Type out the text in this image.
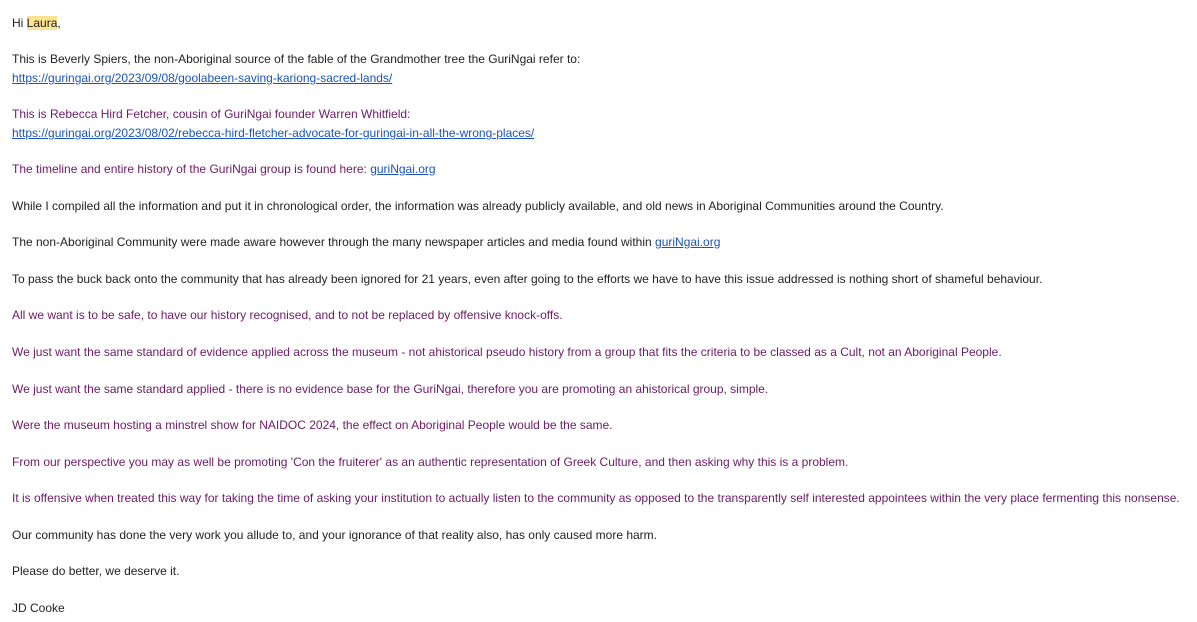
Hi Laura,
This is Beverly Spiers, the non-Aboriginal source of the fable of the Grandmother tree the GuriNgai refer to:
https://guringai.org/2023/09/08/goolabeen-saving-kariong-sacred-lands/
This is Rebecca Hird Fetcher, cousin of GuriNgai founder Warren Whitfield:
https://guringai.org/2023/08/02/rebecca-hird-fletcher-advocate-for-guringai-in-all-the-wrong-places/
The timeline and entire history of the GuriNgai group is found here: guriNgai.org
While I compiled all the information and put it in chronological order, the information was already publicly available, and old news in Aboriginal Communities around the Country.
The non-Aboriginal Community were made aware however through the many newspaper articles and media found within guriNgai.org
To pass the buck back onto the community that has already been ignored for 21 years, even after going to the efforts we have to have this issue addressed is nothing short of shameful behaviour.
All we want is to be safe, to have our history recognised, and to not be replaced by offensive knock-offs.
We just want the same standard of evidence applied across the museum - not ahistorical pseudo history from a group that fits the criteria to be classed as a Cult, not an Aboriginal People.
We just want the same standard applied - there is no evidence base for the GuriNgai, therefore you are promoting an ahistorical group, simple.
Were the museum hosting a minstrel show for NAIDOC 2024, the effect on Aboriginal People would be the same.
From our perspective you may as well be promoting 'Con the fruiterer' as an authentic representation of Greek Culture, and then asking why this is a problem.
It is offensive when treated this way for taking the time of asking your institution to actually listen to the community as opposed to the transparently self interested appointees within the very place fermenting this nonsense.
Our community has done the very work you allude to, and your ignorance of that reality also, has only caused more harm.
Please do better, we deserve it.
JD Cooke
